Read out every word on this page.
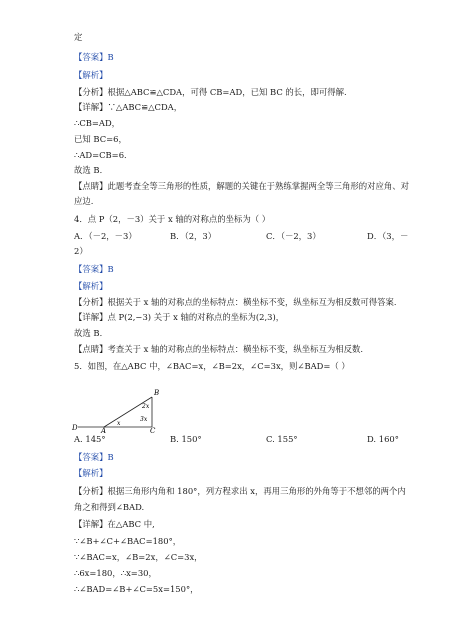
定
【答案】B
【解析】
【分析】根据△ABC≌△CDA，可得 CB=AD，已知 BC 的长，即可得解.
【详解】∵△ABC≌△CDA，
∴CB=AD，
已知 BC=6，
∴AD=CB=6．
故选 B．
【点睛】此题考查全等三角形的性质，解题的关键在于熟练掌握两全等三角形的对应角、对
应边.
4．点 P（2，－3）关于 x 轴的对称点的坐标为（ ）
A．（－2，－3）	B．（2，3）	C．（－2，3）	D．（3，－
2）
【答案】B
【解析】
【分析】根据关于 x 轴的对称点的坐标特点：横坐标不变，纵坐标互为相反数可得答案．
【详解】点 P(2,−3) 关于 x 轴的对称点的坐标为(2,3)，
故选 B．
【点睛】考查关于 x 轴的对称点的坐标特点：横坐标不变，纵坐标互为相反数.
5．如图，在△ABC 中，∠BAC=x，∠B=2x，∠C=3x，则∠BAD=（ ）
B
D	A	C
x
2x
3x
A. 145°	B. 150°	C. 155°	D. 160°
【答案】B
【解析】
【分析】根据三角形内角和 180°，列方程求出 x，再用三角形的外角等于不想邻的两个内
角之和得到∠BAD.
【详解】在△ABC 中,
∵∠B+∠C+∠BAC=180°，
∵∠BAC=x，∠B=2x，∠C=3x，
∴6x=180，∴x=30，
∴∠BAD=∠B+∠C=5x=150°，
